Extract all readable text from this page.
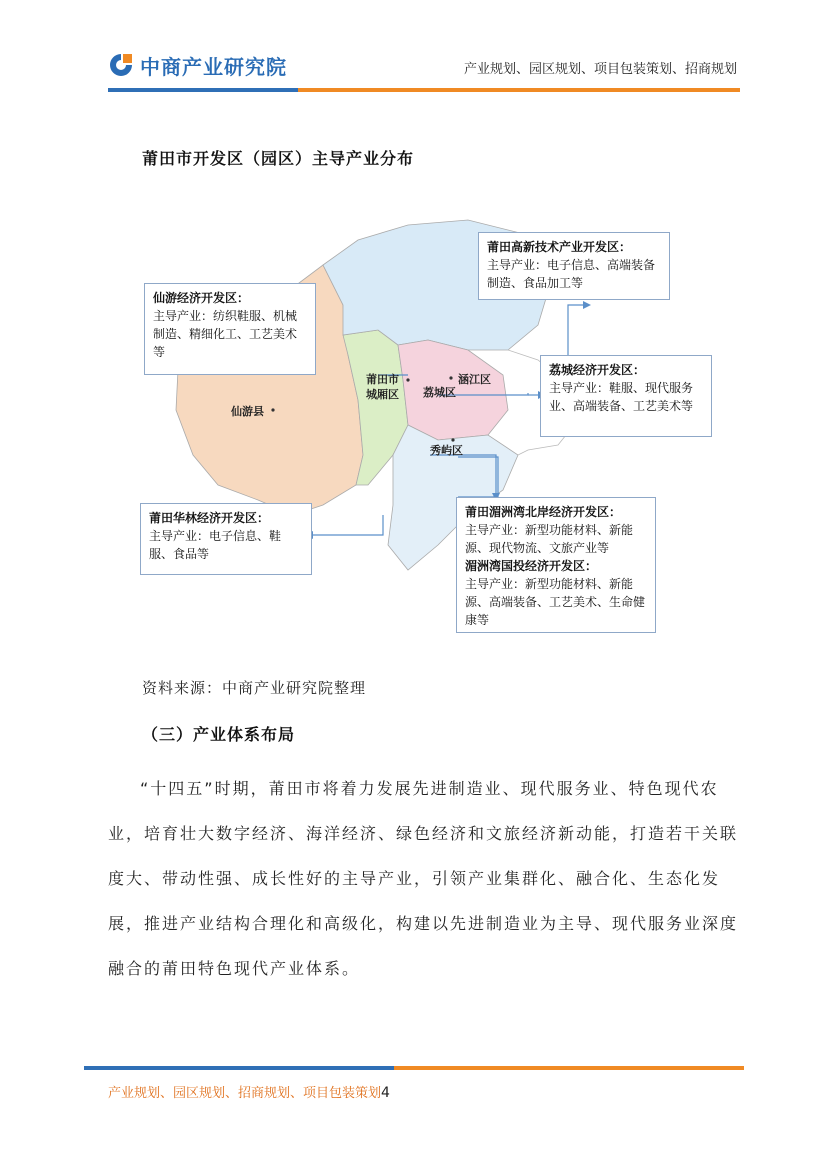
中商产业研究院	产业规划、园区规划、项目包装策划、招商规划
莆田市开发区（园区）主导产业分布
仙游县
莆田市
城厢区 荔城区
涵江区
秀屿区
莆田高新技术产业开发区：
主导产业：电子信息、高端装备制造、食品加工等
仙游经济开发区：
主导产业：纺织鞋服、机械制造、精细化工、工艺美术等
荔城经济开发区：
主导产业：鞋服、现代服务业、高端装备、工艺美术等
莆田华林经济开发区：
主导产业：电子信息、鞋服、食品等
莆田湄洲湾北岸经济开发区：
主导产业：新型功能材料、新能源、现代物流、文旅产业等
湄洲湾国投经济开发区：
主导产业：新型功能材料、新能源、高端装备、工艺美术、生命健康等
资料来源：中商产业研究院整理
（三）产业体系布局

“十四五”时期，莆田市将着力发展先进制造业、现代服务业、特色现代农业，培育壮大数字经济、海洋经济、绿色经济和文旅经济新动能，打造若干关联度大、带动性强、成长性好的主导产业，引领产业集群化、融合化、生态化发展，推进产业结构合理化和高级化，构建以先进制造业为主导、现代服务业深度融合的莆田特色现代产业体系。

产业规划、园区规划、招商规划、项目包装策划4
